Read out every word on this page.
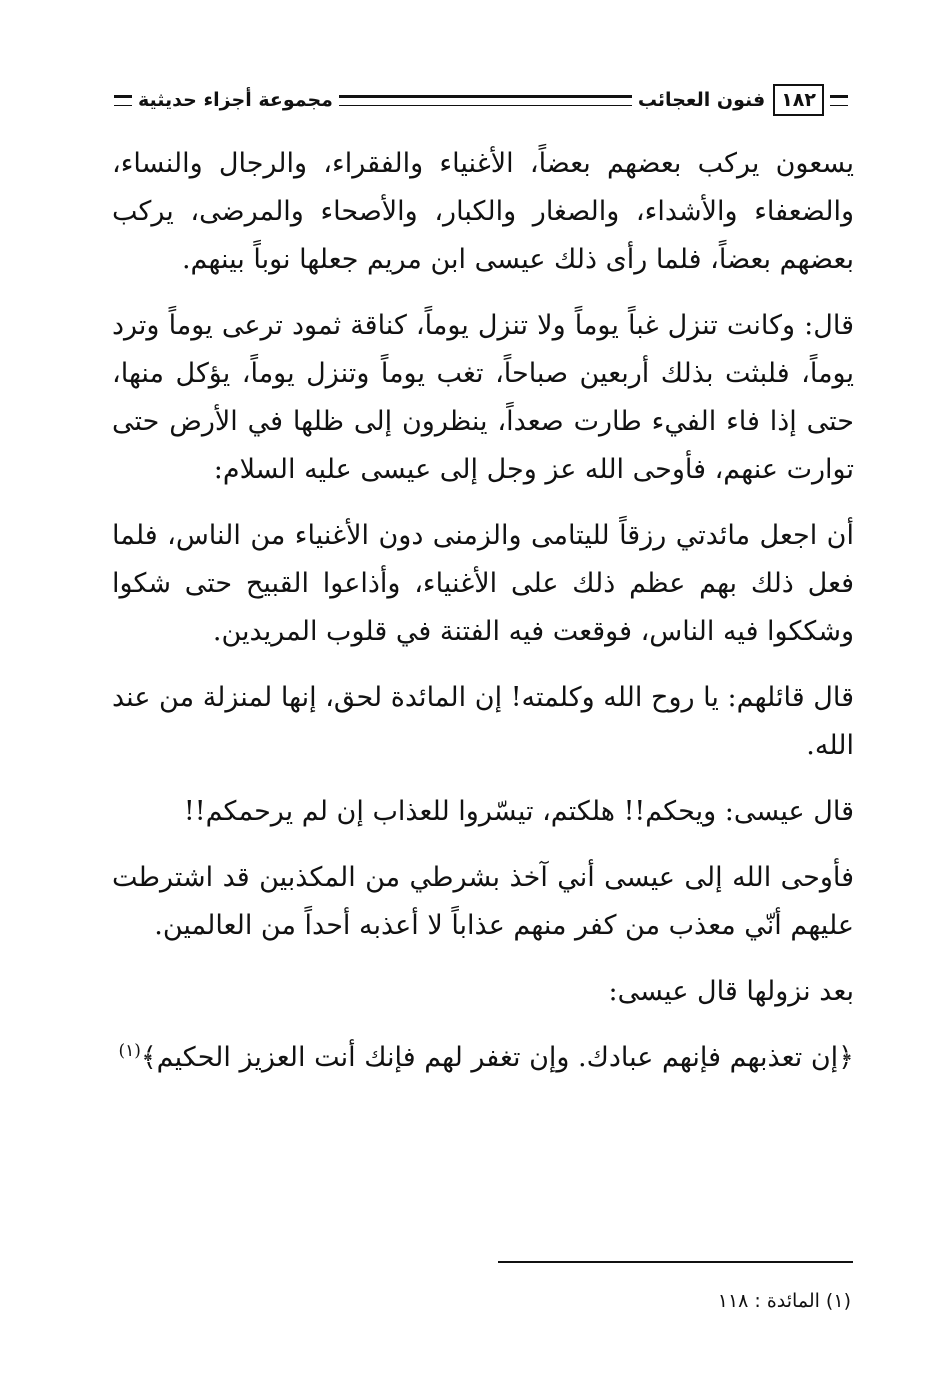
١٨٢
فنون العجائب
مجموعة أجزاء حديثية

يسعون يركب بعضهم بعضاً، الأغنياء والفقراء، والرجال والنساء، والضعفاء والأشداء، والصغار والكبار، والأصحاء والمرضى، يركب بعضهم بعضاً، فلما رأى ذلك عيسى ابن مريم جعلها نوباً بينهم.

قال: وكانت تنزل غباً يوماً ولا تنزل يوماً، كناقة ثمود ترعى يوماً وترد يوماً، فلبثت بذلك أربعين صباحاً، تغب يوماً وتنزل يوماً، يؤكل منها، حتى إذا فاء الفيء طارت صعداً، ينظرون إلى ظلها في الأرض حتى توارت عنهم، فأوحى الله عز وجل إلى عيسى عليه السلام:

أن اجعل مائدتي رزقاً لليتامى والزمنى دون الأغنياء من الناس، فلما فعل ذلك بهم عظم ذلك على الأغنياء، وأذاعوا القبيح حتى شكوا وشككوا فيه الناس، فوقعت فيه الفتنة في قلوب المريدين.

قال قائلهم: يا روح الله وكلمته! إن المائدة لحق، إنها لمنزلة من عند الله.

قال عيسى: ويحكم!! هلكتم، تيسّروا للعذاب إن لم يرحمكم!!

فأوحى الله إلى عيسى أني آخذ بشرطي من المكذبين قد اشترطت عليهم أنّي معذب من كفر منهم عذاباً لا أعذبه أحداً من العالمين.

بعد نزولها قال عيسى:

﴿إن تعذبهم فإنهم عبادك. وإن تغفر لهم فإنك أنت العزيز الحكيم﴾$^{(١)}$

(١) المائدة : ١١٨
